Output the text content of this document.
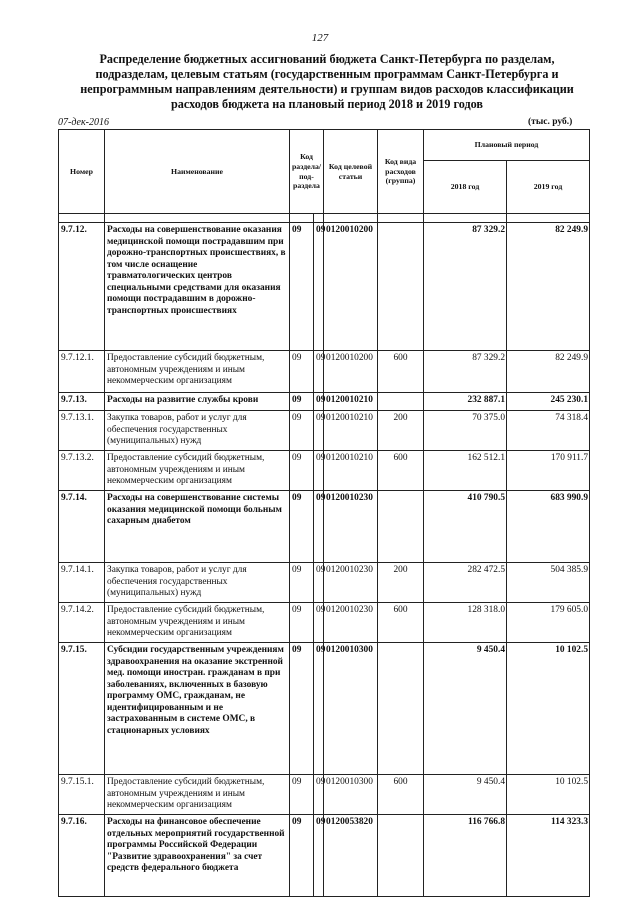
127
Распределение бюджетных ассигнований бюджета Санкт-Петербурга по разделам, подразделам, целевым статьям (государственным программам Санкт-Петербурга и непрограммным направлениям деятельности) и группам видов расходов классификации расходов бюджета на плановый период 2018 и 2019 годов
07-дек-2016	(тыс. руб.)
Номер	Наименование	Код раздела/ под- раздела		Код целевой статьи	Код вида расходов (группа)	Плановый период	
						2018 год	2019 год

9.7.12.	Расходы на совершенствование оказания медицинской помощи пострадавшим при дорожно-транспортных происшествиях, в том числе оснащение травматологических центров специальными средствами для оказания помощи пострадавшим в дорожно-транспортных происшествиях	09	09	0120010200		87 329.2	82 249.9
9.7.12.1.	Предоставление субсидий бюджетным, автономным учреждениям и иным некоммерческим организациям	09	09	0120010200	600	87 329.2	82 249.9
9.7.13.	Расходы на развитие службы крови	09	09	0120010210		232 887.1	245 230.1
9.7.13.1.	Закупка товаров, работ и услуг для обеспечения государственных (муниципальных) нужд	09	09	0120010210	200	70 375.0	74 318.4
9.7.13.2.	Предоставление субсидий бюджетным, автономным учреждениям и иным некоммерческим организациям	09	09	0120010210	600	162 512.1	170 911.7
9.7.14.	Расходы на совершенствование системы оказания медицинской помощи больным сахарным диабетом	09	09	0120010230		410 790.5	683 990.9
9.7.14.1.	Закупка товаров, работ и услуг для обеспечения государственных (муниципальных) нужд	09	09	0120010230	200	282 472.5	504 385.9
9.7.14.2.	Предоставление субсидий бюджетным, автономным учреждениям и иным некоммерческим организациям	09	09	0120010230	600	128 318.0	179 605.0
9.7.15.	Субсидии государственным учреждениям здравоохранения на оказание экстренной мед. помощи иностран. гражданам в при заболеваниях, включенных в базовую программу ОМС, гражданам, не идентифицированным и не застрахованным в системе ОМС, в стационарных условиях	09	09	0120010300		9 450.4	10 102.5
9.7.15.1.	Предоставление субсидий бюджетным, автономным учреждениям и иным некоммерческим организациям	09	09	0120010300	600	9 450.4	10 102.5
9.7.16.	Расходы на финансовое обеспечение отдельных мероприятий государственной программы Российской Федерации "Развитие здравоохранения" за счет средств федерального бюджета	09	09	0120053820		116 766.8	114 323.3
